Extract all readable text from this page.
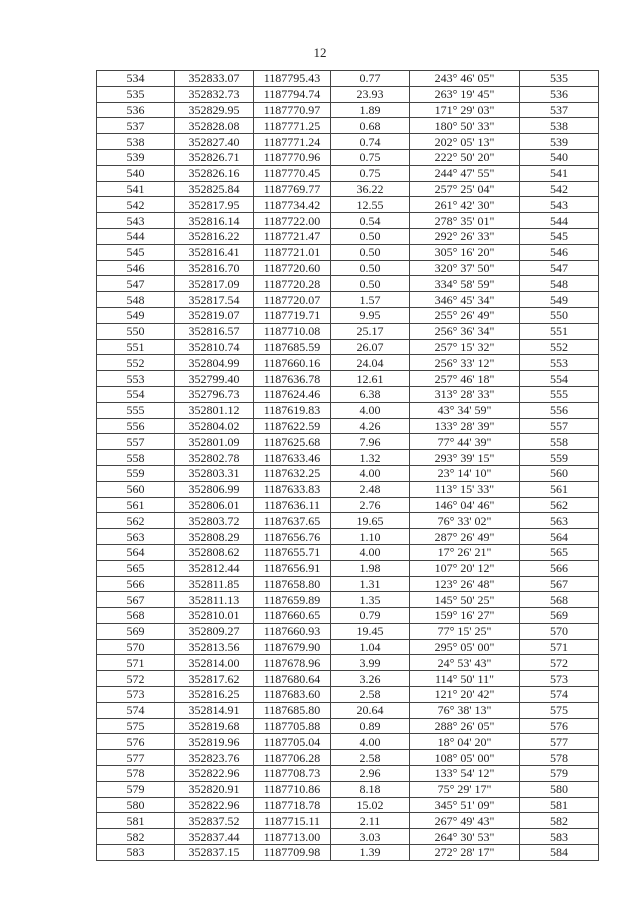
12
534	352833.07	1187795.43	0.77	243° 46' 05"	535
535	352832.73	1187794.74	23.93	263° 19' 45"	536
536	352829.95	1187770.97	1.89	171° 29' 03"	537
537	352828.08	1187771.25	0.68	180° 50' 33"	538
538	352827.40	1187771.24	0.74	202° 05' 13"	539
539	352826.71	1187770.96	0.75	222° 50' 20"	540
540	352826.16	1187770.45	0.75	244° 47' 55"	541
541	352825.84	1187769.77	36.22	257° 25' 04"	542
542	352817.95	1187734.42	12.55	261° 42' 30"	543
543	352816.14	1187722.00	0.54	278° 35' 01"	544
544	352816.22	1187721.47	0.50	292° 26' 33"	545
545	352816.41	1187721.01	0.50	305° 16' 20"	546
546	352816.70	1187720.60	0.50	320° 37' 50"	547
547	352817.09	1187720.28	0.50	334° 58' 59"	548
548	352817.54	1187720.07	1.57	346° 45' 34"	549
549	352819.07	1187719.71	9.95	255° 26' 49"	550
550	352816.57	1187710.08	25.17	256° 36' 34"	551
551	352810.74	1187685.59	26.07	257° 15' 32"	552
552	352804.99	1187660.16	24.04	256° 33' 12"	553
553	352799.40	1187636.78	12.61	257° 46' 18"	554
554	352796.73	1187624.46	6.38	313° 28' 33"	555
555	352801.12	1187619.83	4.00	43° 34' 59"	556
556	352804.02	1187622.59	4.26	133° 28' 39"	557
557	352801.09	1187625.68	7.96	77° 44' 39"	558
558	352802.78	1187633.46	1.32	293° 39' 15"	559
559	352803.31	1187632.25	4.00	23° 14' 10"	560
560	352806.99	1187633.83	2.48	113° 15' 33"	561
561	352806.01	1187636.11	2.76	146° 04' 46"	562
562	352803.72	1187637.65	19.65	76° 33' 02"	563
563	352808.29	1187656.76	1.10	287° 26' 49"	564
564	352808.62	1187655.71	4.00	17° 26' 21"	565
565	352812.44	1187656.91	1.98	107° 20' 12"	566
566	352811.85	1187658.80	1.31	123° 26' 48"	567
567	352811.13	1187659.89	1.35	145° 50' 25"	568
568	352810.01	1187660.65	0.79	159° 16' 27"	569
569	352809.27	1187660.93	19.45	77° 15' 25"	570
570	352813.56	1187679.90	1.04	295° 05' 00"	571
571	352814.00	1187678.96	3.99	24° 53' 43"	572
572	352817.62	1187680.64	3.26	114° 50' 11"	573
573	352816.25	1187683.60	2.58	121° 20' 42"	574
574	352814.91	1187685.80	20.64	76° 38' 13"	575
575	352819.68	1187705.88	0.89	288° 26' 05"	576
576	352819.96	1187705.04	4.00	18° 04' 20"	577
577	352823.76	1187706.28	2.58	108° 05' 00"	578
578	352822.96	1187708.73	2.96	133° 54' 12"	579
579	352820.91	1187710.86	8.18	75° 29' 17"	580
580	352822.96	1187718.78	15.02	345° 51' 09"	581
581	352837.52	1187715.11	2.11	267° 49' 43"	582
582	352837.44	1187713.00	3.03	264° 30' 53"	583
583	352837.15	1187709.98	1.39	272° 28' 17"	584
